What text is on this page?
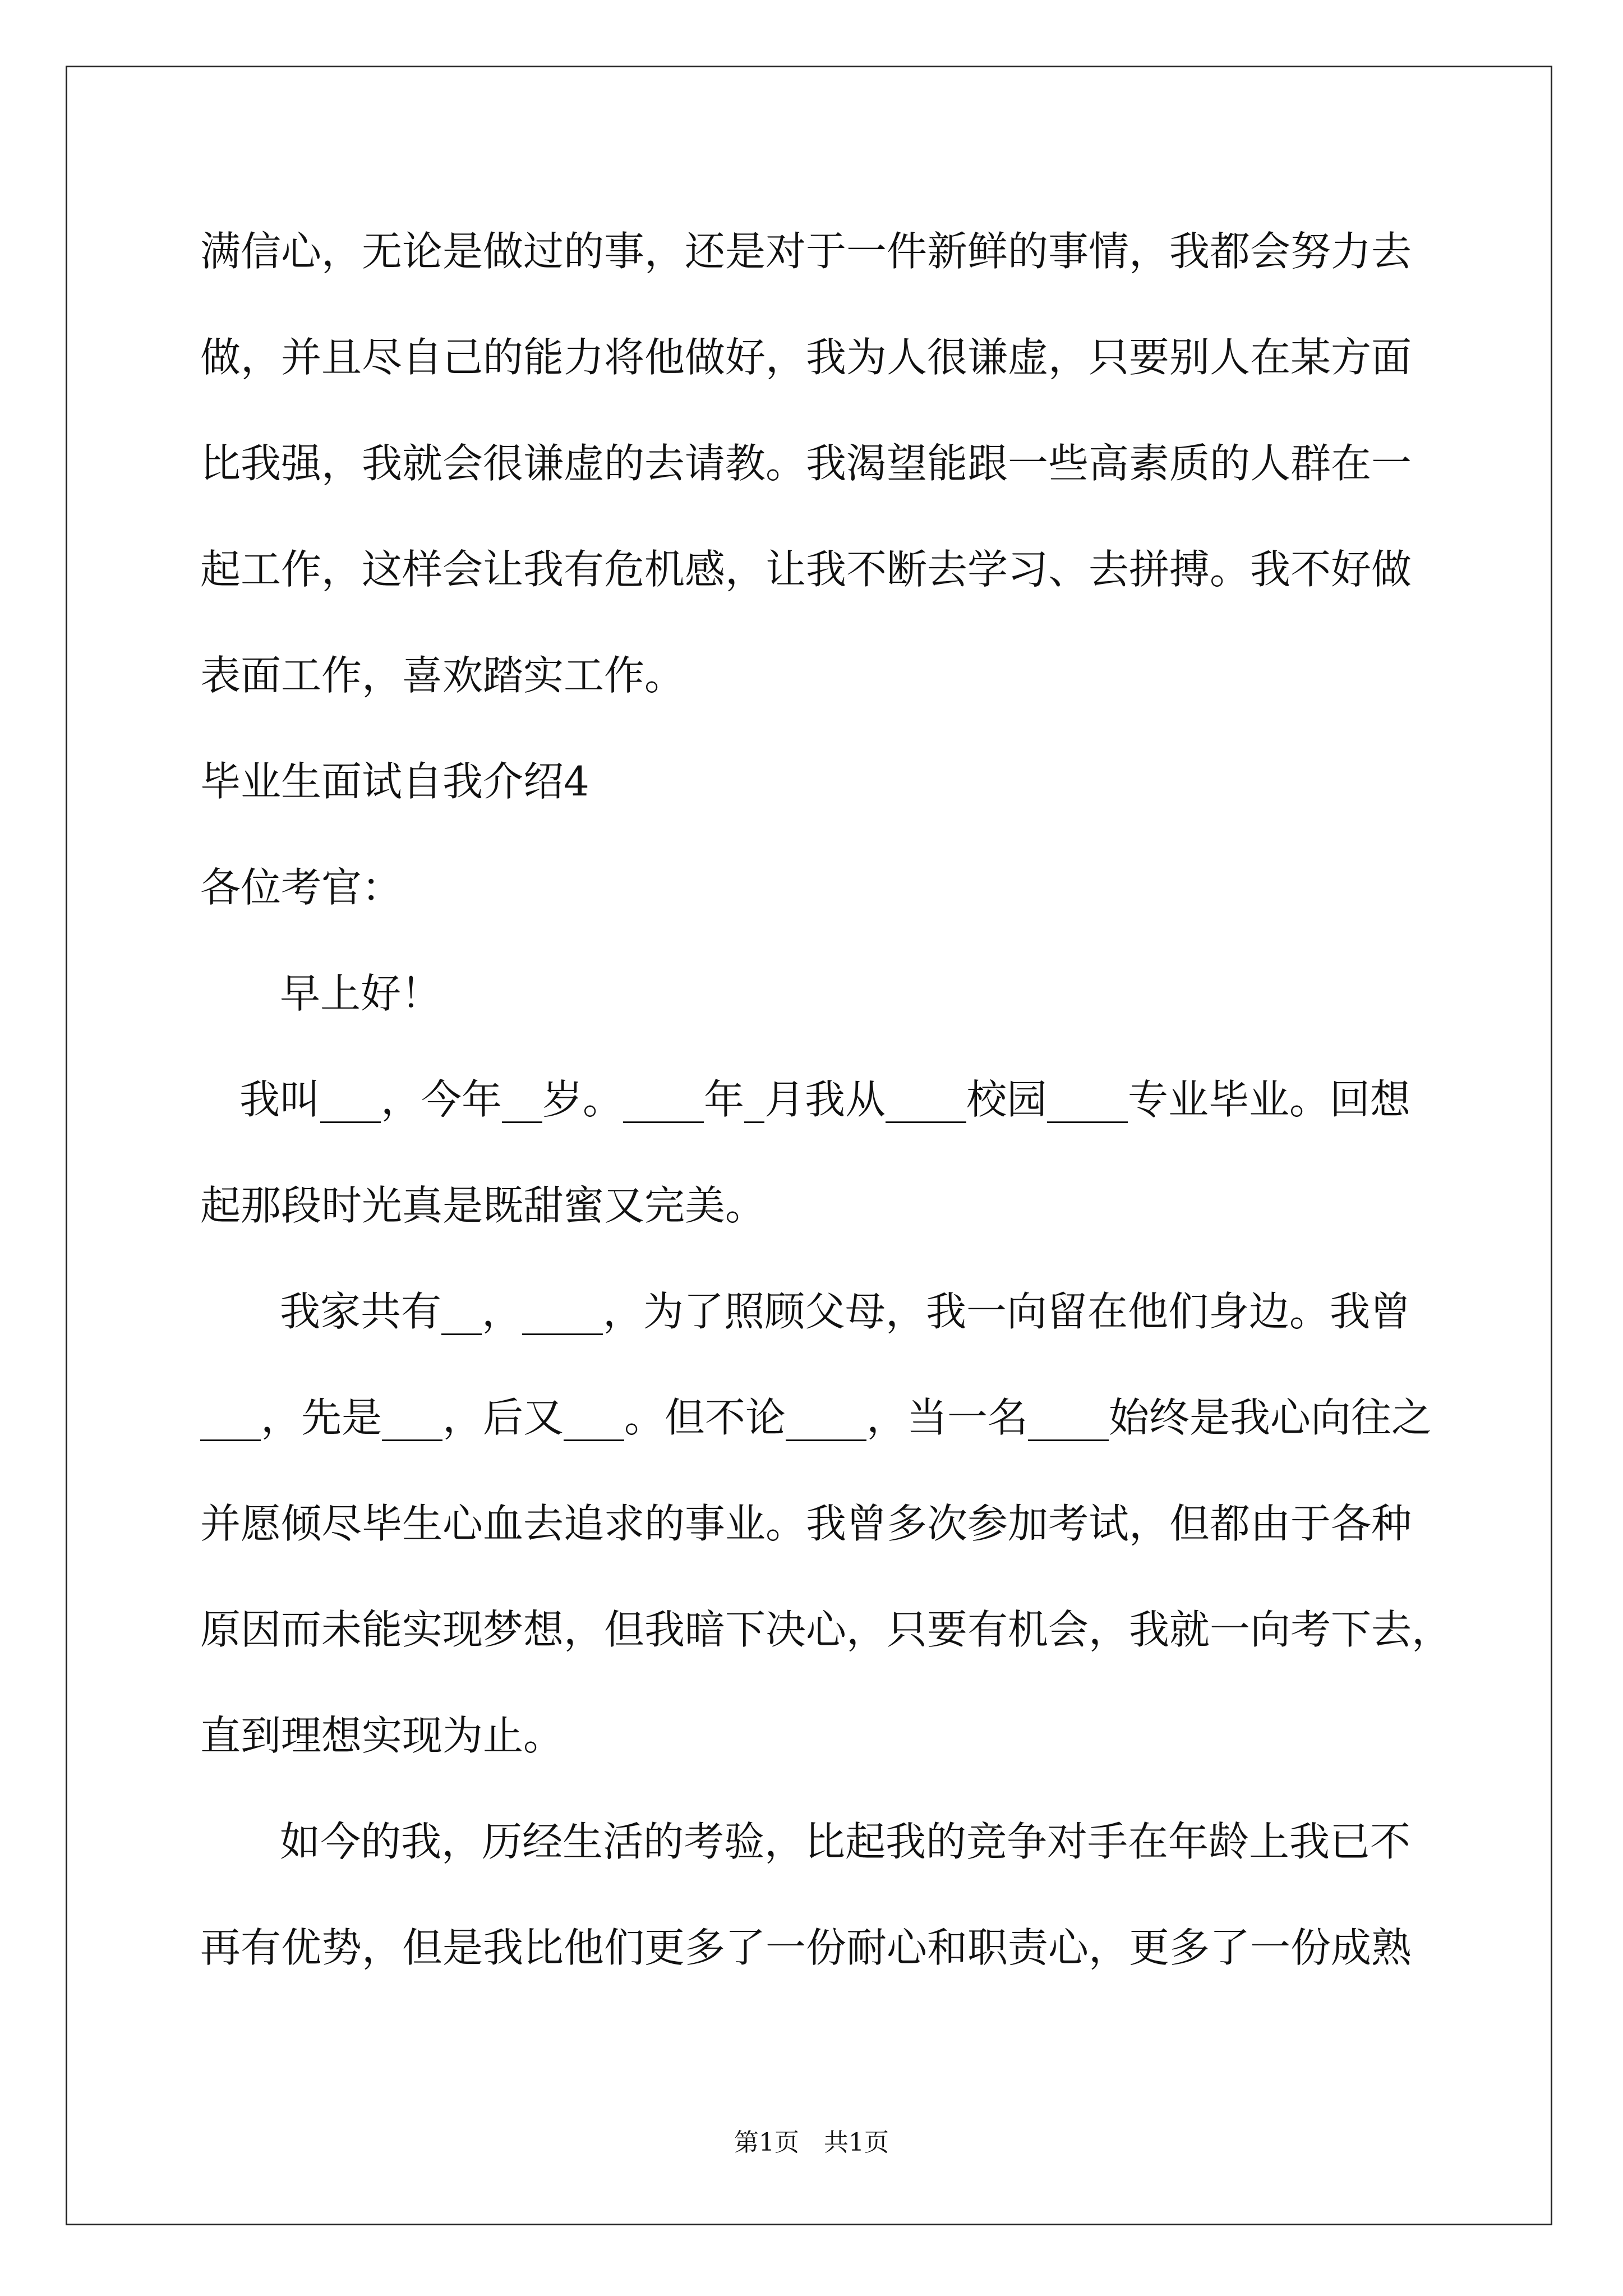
满信心，无论是做过的事，还是对于一件新鲜的事情，我都会努力去
做，并且尽自己的能力将他做好，我为人很谦虚，只要别人在某方面
比我强，我就会很谦虚的去请教。我渴望能跟一些高素质的人群在一
起工作，这样会让我有危机感，让我不断去学习、去拼搏。我不好做
表面工作，喜欢踏实工作。
毕业生面试自我介绍4
各位考官：
早上好！
我叫___，今年__岁。____年_月我从____校园____专业毕业。回想
起那段时光真是既甜蜜又完美。
我家共有__，____，为了照顾父母，我一向留在他们身边。我曾
___，先是___，后又___。但不论____，当一名____始终是我心向往之
并愿倾尽毕生心血去追求的事业。我曾多次参加考试，但都由于各种
原因而未能实现梦想，但我暗下决心，只要有机会，我就一向考下去，
直到理想实现为止。
如今的我，历经生活的考验，比起我的竞争对手在年龄上我已不
再有优势，但是我比他们更多了一份耐心和职责心，更多了一份成熟
第1页　共1页
